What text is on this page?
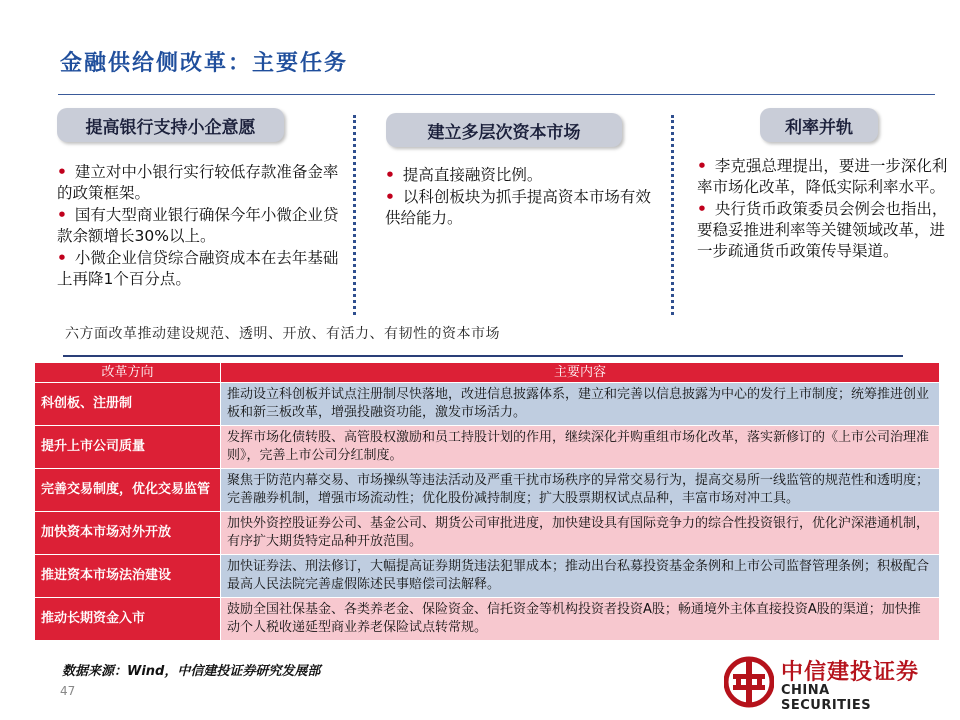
金融供给侧改革：主要任务
提高银行支持小企意愿	建立多层次资本市场	利率并轨
• 建立对中小银行实行较低存款准备金率的政策框架。
• 国有大型商业银行确保今年小微企业贷款余额增长30%以上。
• 小微企业信贷综合融资成本在去年基础上再降1个百分点。
• 提高直接融资比例。
• 以科创板块为抓手提高资本市场有效供给能力。
• 李克强总理提出，要进一步深化利率市场化改革，降低实际利率水平。
• 央行货币政策委员会例会也指出，要稳妥推进利率等关键领域改革，进一步疏通货币政策传导渠道。
六方面改革推动建设规范、透明、开放、有活力、有韧性的资本市场
改革方向	主要内容
科创板、注册制	推动设立科创板并试点注册制尽快落地，改进信息披露体系，建立和完善以信息披露为中心的发行上市制度；统筹推进创业板和新三板改革，增强投融资功能，激发市场活力。
提升上市公司质量	发挥市场化债转股、高管股权激励和员工持股计划的作用，继续深化并购重组市场化改革，落实新修订的《上市公司治理准则》，完善上市公司分红制度。
完善交易制度，优化交易监管	聚焦于防范内幕交易、市场操纵等违法活动及严重干扰市场秩序的异常交易行为，提高交易所一线监管的规范性和透明度；完善融券机制，增强市场流动性；优化股份减持制度；扩大股票期权试点品种，丰富市场对冲工具。
加快资本市场对外开放	加快外资控股证券公司、基金公司、期货公司审批进度，加快建设具有国际竞争力的综合性投资银行，优化沪深港通机制，有序扩大期货特定品种开放范围。
推进资本市场法治建设	加快证券法、刑法修订，大幅提高证券期货违法犯罪成本；推动出台私募投资基金条例和上市公司监督管理条例；积极配合最高人民法院完善虚假陈述民事赔偿司法解释。
推动长期资金入市	鼓励全国社保基金、各类养老金、保险资金、信托资金等机构投资者投资A股；畅通境外主体直接投资A股的渠道；加快推动个人税收递延型商业养老保险试点转常规。
数据来源：Wind，中信建投证券研究发展部
47
中信建投证券
CHINA SECURITIES
